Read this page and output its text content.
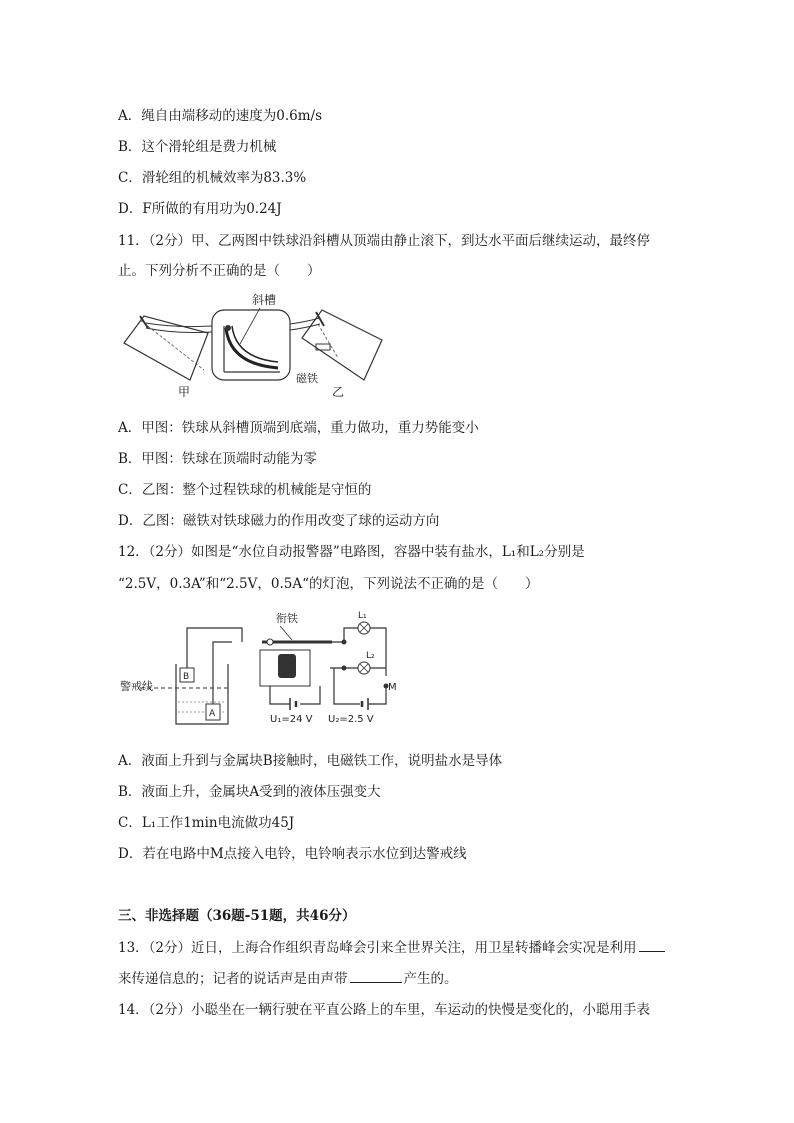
A．绳自由端移动的速度为0.6m/s
B．这个滑轮组是费力机械
C．滑轮组的机械效率为83.3%
D．F所做的有用功为0.24J
11．（2分）甲、乙两图中铁球沿斜槽从顶端由静止滚下，到达水平面后继续运动，最终停
止。下列分析不正确的是（　　）
斜槽
磁铁
甲	乙
A．甲图：铁球从斜槽顶端到底端，重力做功，重力势能变小
B．甲图：铁球在顶端时动能为零
C．乙图：整个过程铁球的机械能是守恒的
D．乙图：磁铁对铁球磁力的作用改变了球的运动方向
12．（2分）如图是“水位自动报警器”电路图，容器中装有盐水，L₁和L₂分别是
“2.5V，0.3A”和“2.5V，0.5A“的灯泡，下列说法不正确的是（　　）
B
A
警戒线
衔铁
U₁=24 V
L₁
L₂
M
U₂=2.5 V
A．液面上升到与金属块B接触时，电磁铁工作，说明盐水是导体
B．液面上升，金属块A受到的液体压强变大
C．L₁工作1min电流做功45J
D．若在电路中M点接入电铃，电铃响表示水位到达警戒线
三、非选择题（36题-51题，共46分）
13．（2分）近日，上海合作组织青岛峰会引来全世界关注，用卫星转播峰会实况是利用
来传递信息的；记者的说话声是由声带	产生的。
14．（2分）小聪坐在一辆行驶在平直公路上的车里，车运动的快慢是变化的，小聪用手表
